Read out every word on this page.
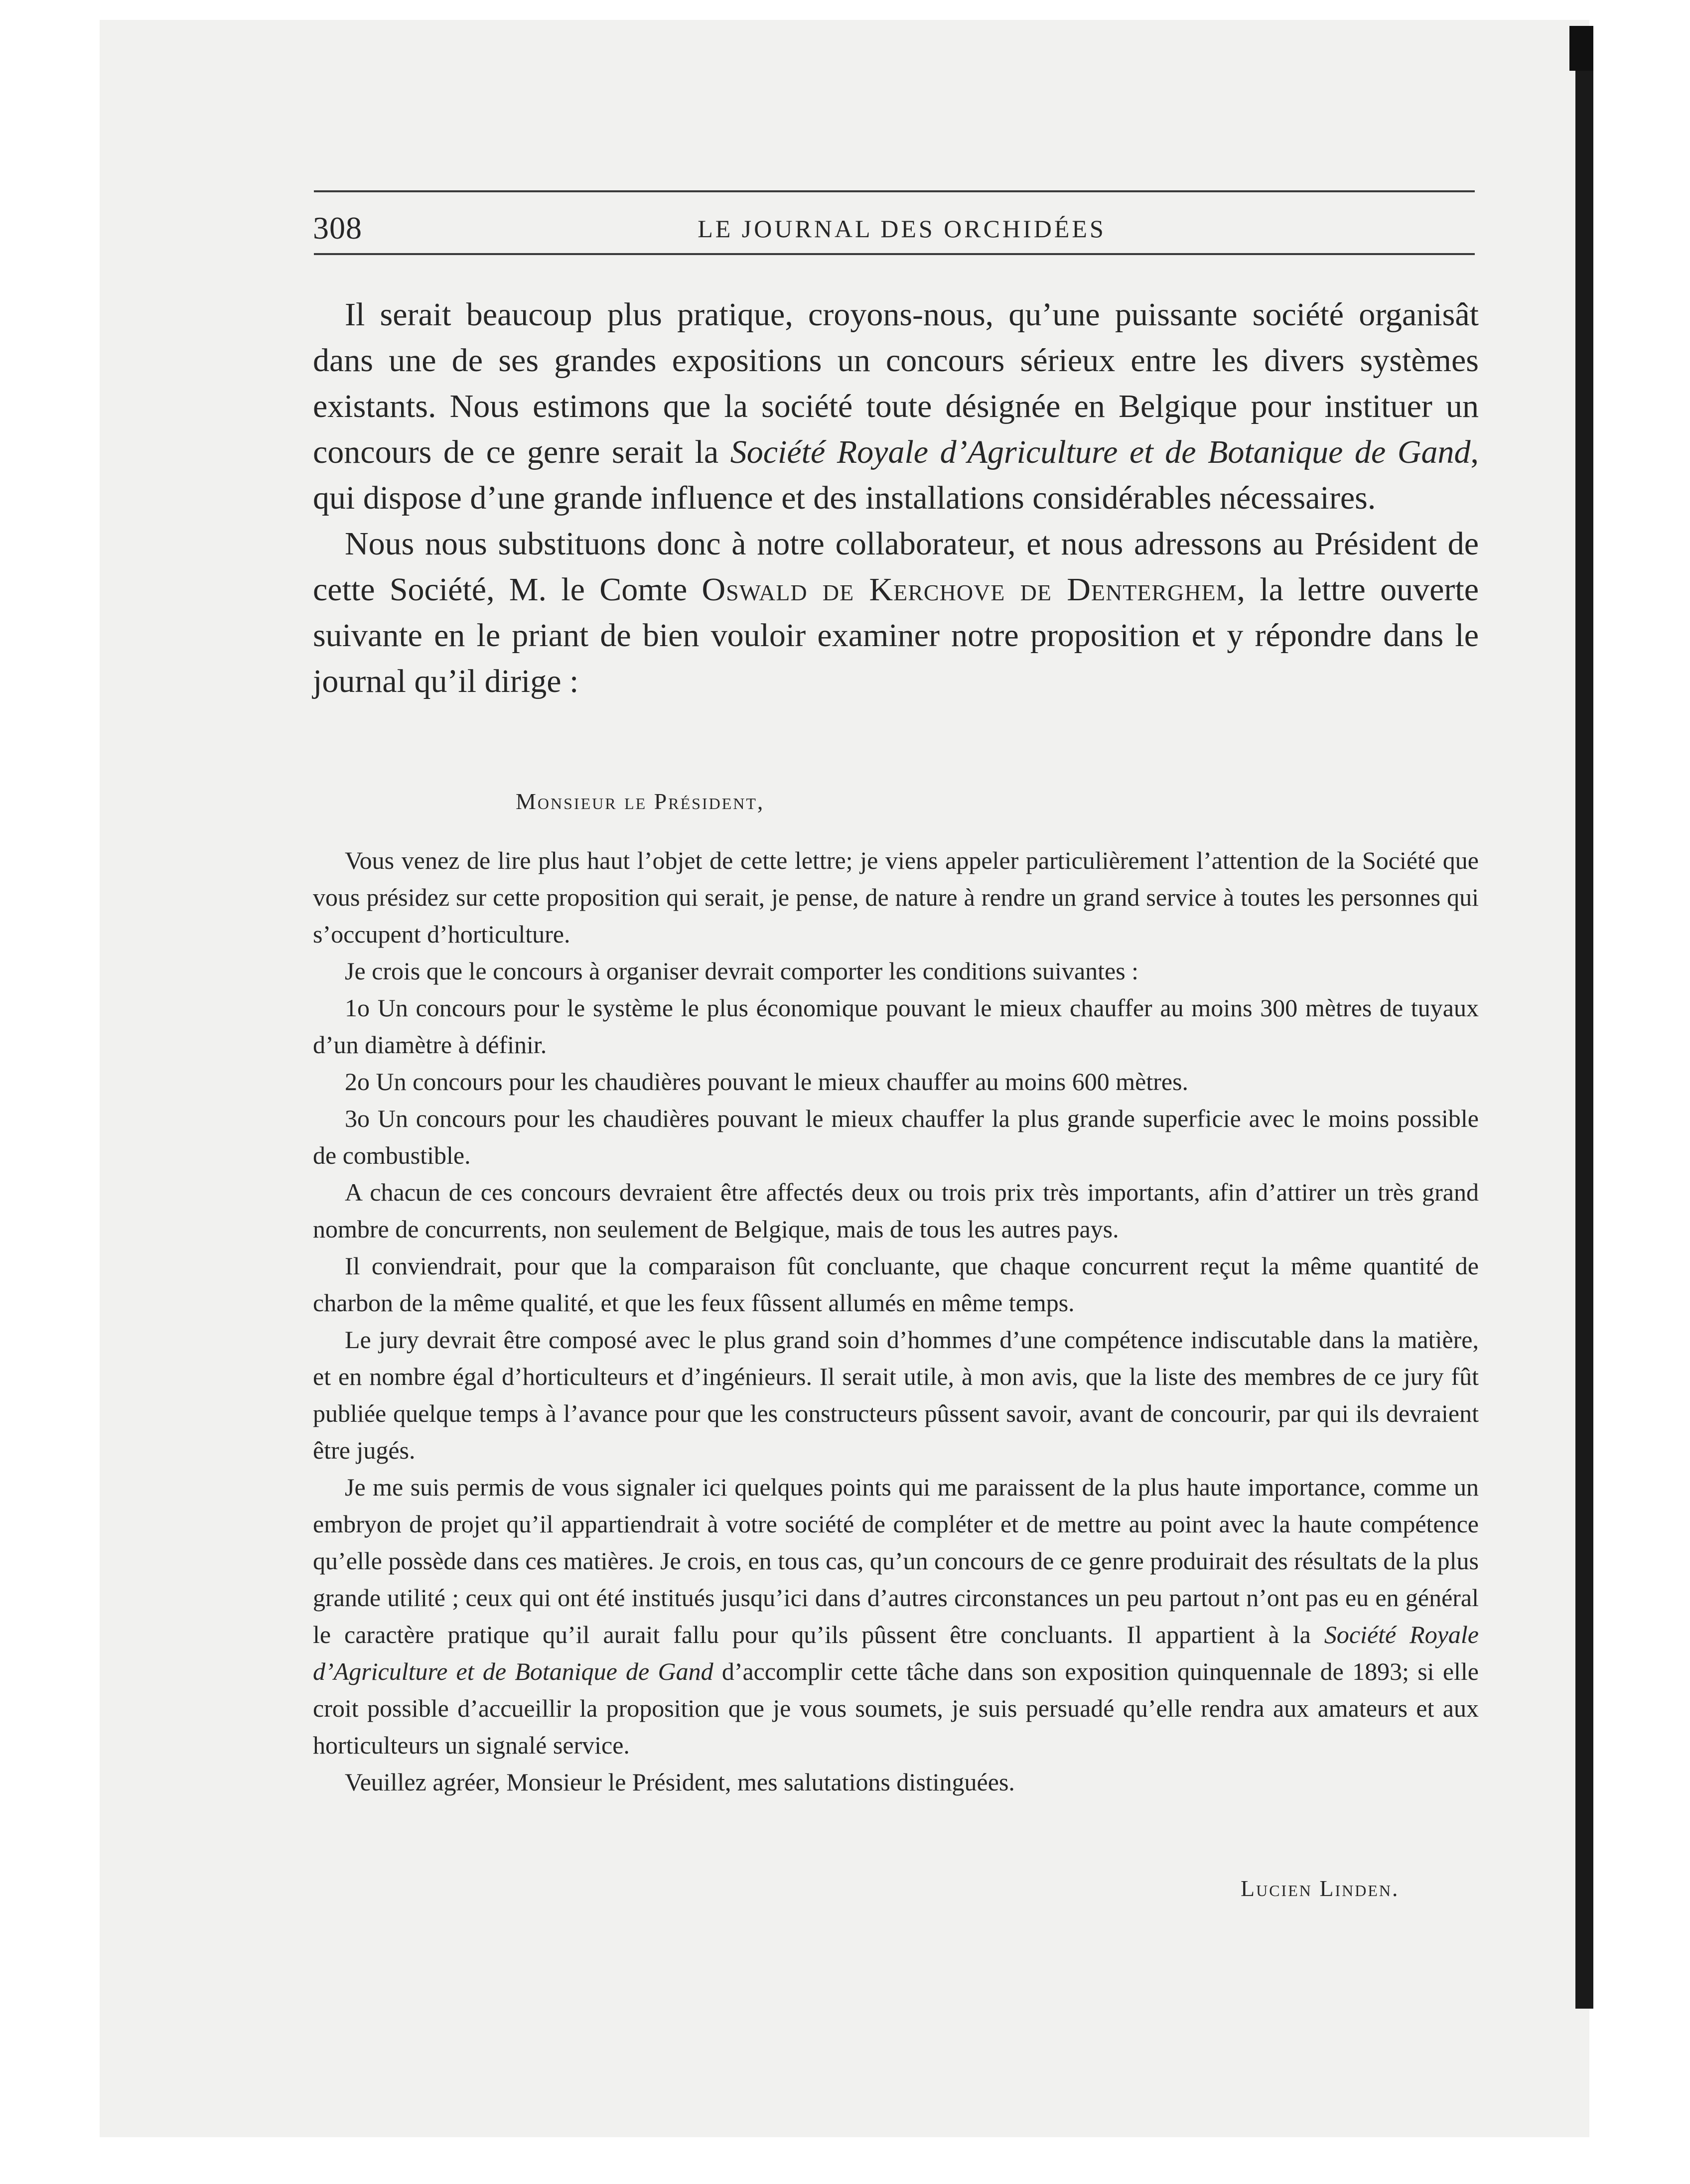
308	LE JOURNAL DES ORCHIDÉES

Il serait beaucoup plus pratique, croyons-nous, qu’une puissante société organisât dans une de ses grandes expositions un concours sérieux entre les divers systèmes existants. Nous estimons que la société toute désignée en Belgique pour instituer un concours de ce genre serait la Société Royale d’Agriculture et de Botanique de Gand, qui dispose d’une grande influence et des installations considérables nécessaires.

Nous nous substituons donc à notre collaborateur, et nous adressons au Président de cette Société, M. le Comte Oswald de Kerchove de Denterghem, la lettre ouverte suivante en le priant de bien vouloir examiner notre proposition et y répondre dans le journal qu’il dirige :

Monsieur le Président,

Vous venez de lire plus haut l’objet de cette lettre; je viens appeler particulièrement l’attention de la Société que vous présidez sur cette proposition qui serait, je pense, de nature à rendre un grand service à toutes les personnes qui s’occupent d’horticulture.

Je crois que le concours à organiser devrait comporter les conditions suivantes :

1o Un concours pour le système le plus économique pouvant le mieux chauffer au moins 300 mètres de tuyaux d’un diamètre à définir.

2o Un concours pour les chaudières pouvant le mieux chauffer au moins 600 mètres.

3o Un concours pour les chaudières pouvant le mieux chauffer la plus grande superficie avec le moins possible de combustible.

A chacun de ces concours devraient être affectés deux ou trois prix très importants, afin d’attirer un très grand nombre de concurrents, non seulement de Belgique, mais de tous les autres pays.

Il conviendrait, pour que la comparaison fût concluante, que chaque concurrent reçut la même quantité de charbon de la même qualité, et que les feux fûssent allumés en même temps.

Le jury devrait être composé avec le plus grand soin d’hommes d’une compétence indiscutable dans la matière, et en nombre égal d’horticulteurs et d’ingénieurs. Il serait utile, à mon avis, que la liste des membres de ce jury fût publiée quelque temps à l’avance pour que les constructeurs pûssent savoir, avant de concourir, par qui ils devraient être jugés.

Je me suis permis de vous signaler ici quelques points qui me paraissent de la plus haute importance, comme un embryon de projet qu’il appartiendrait à votre société de compléter et de mettre au point avec la haute compétence qu’elle possède dans ces matières. Je crois, en tous cas, qu’un concours de ce genre produirait des résultats de la plus grande utilité ; ceux qui ont été institués jusqu’ici dans d’autres circonstances un peu partout n’ont pas eu en général le caractère pratique qu’il aurait fallu pour qu’ils pûssent être concluants. Il appartient à la Société Royale d’Agriculture et de Botanique de Gand d’accomplir cette tâche dans son exposition quinquennale de 1893; si elle croit possible d’accueillir la proposition que je vous soumets, je suis persuadé qu’elle rendra aux amateurs et aux horticulteurs un signalé service.

Veuillez agréer, Monsieur le Président, mes salutations distinguées.

Lucien Linden.
